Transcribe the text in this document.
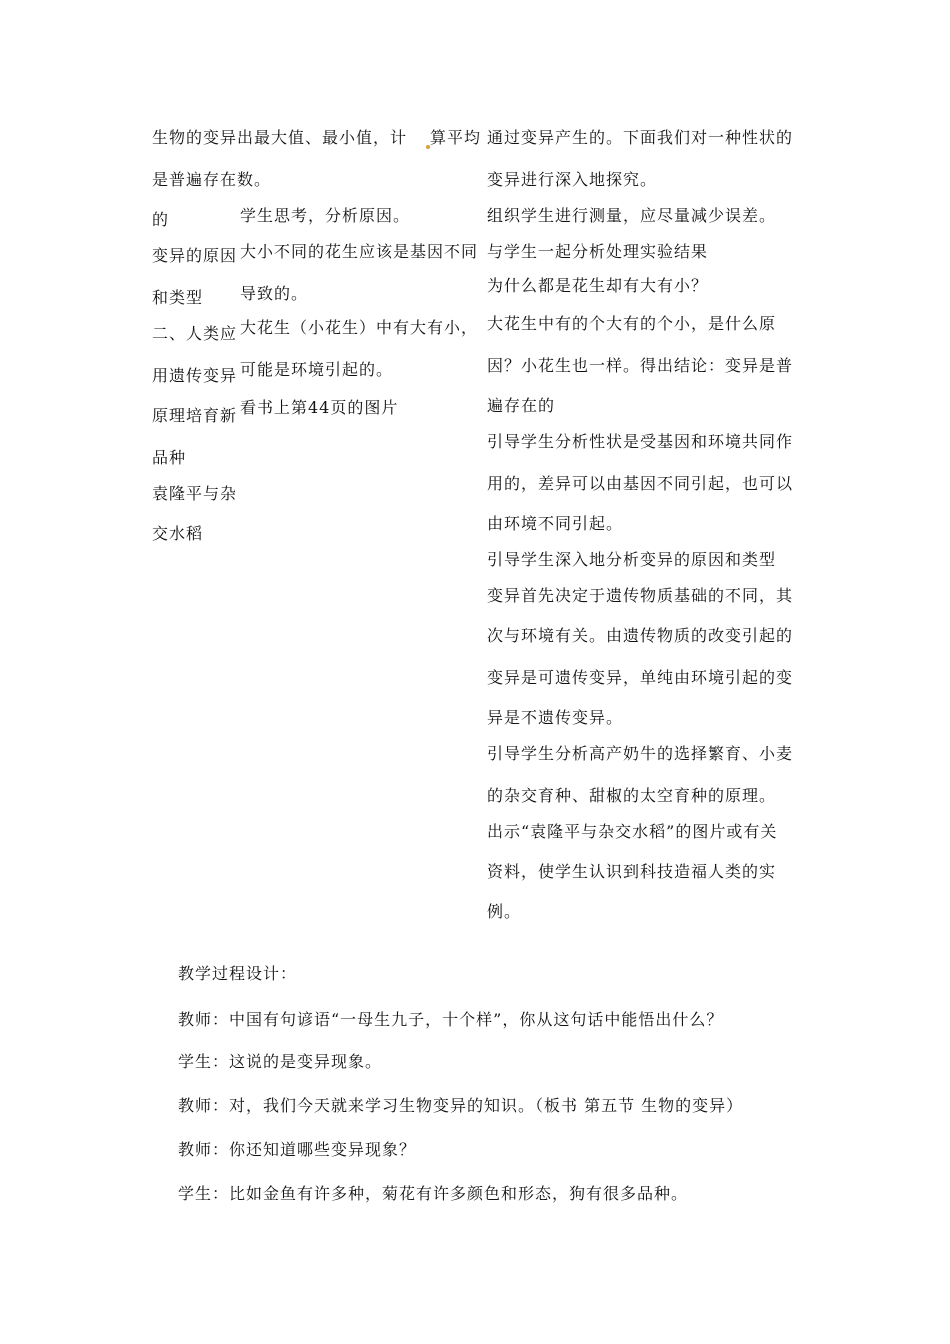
生物的变异出最大值、最小值，计
是普遍存在数。
的
变异的原因
和类型
二、人类应
用遗传变异
原理培育新
品种
袁隆平与杂
交水稻
算平均
学生思考，分析原因。
大小不同的花生应该是基因不同
导致的。
大花生（小花生）中有大有小，
可能是环境引起的。
看书上第44页的图片
通过变异产生的。下面我们对一种性状的
变异进行深入地探究。
组织学生进行测量，应尽量减少误差。
与学生一起分析处理实验结果
为什么都是花生却有大有小？
大花生中有的个大有的个小，是什么原
因？小花生也一样。得出结论：变异是普
遍存在的
引导学生分析性状是受基因和环境共同作
用的，差异可以由基因不同引起，也可以
由环境不同引起。
引导学生深入地分析变异的原因和类型
变异首先决定于遗传物质基础的不同，其
次与环境有关。由遗传物质的改变引起的
变异是可遗传变异，单纯由环境引起的变
异是不遗传变异。
引导学生分析高产奶牛的选择繁育、小麦
的杂交育种、甜椒的太空育种的原理。
出示“袁隆平与杂交水稻”的图片或有关
资料，使学生认识到科技造福人类的实
例。
教学过程设计：
教师：中国有句谚语“一母生九子，十个样”，你从这句话中能悟出什么？
学生：这说的是变异现象。
教师：对，我们今天就来学习生物变异的知识。（板书 第五节 生物的变异）
教师：你还知道哪些变异现象？
学生：比如金鱼有许多种，菊花有许多颜色和形态，狗有很多品种。
